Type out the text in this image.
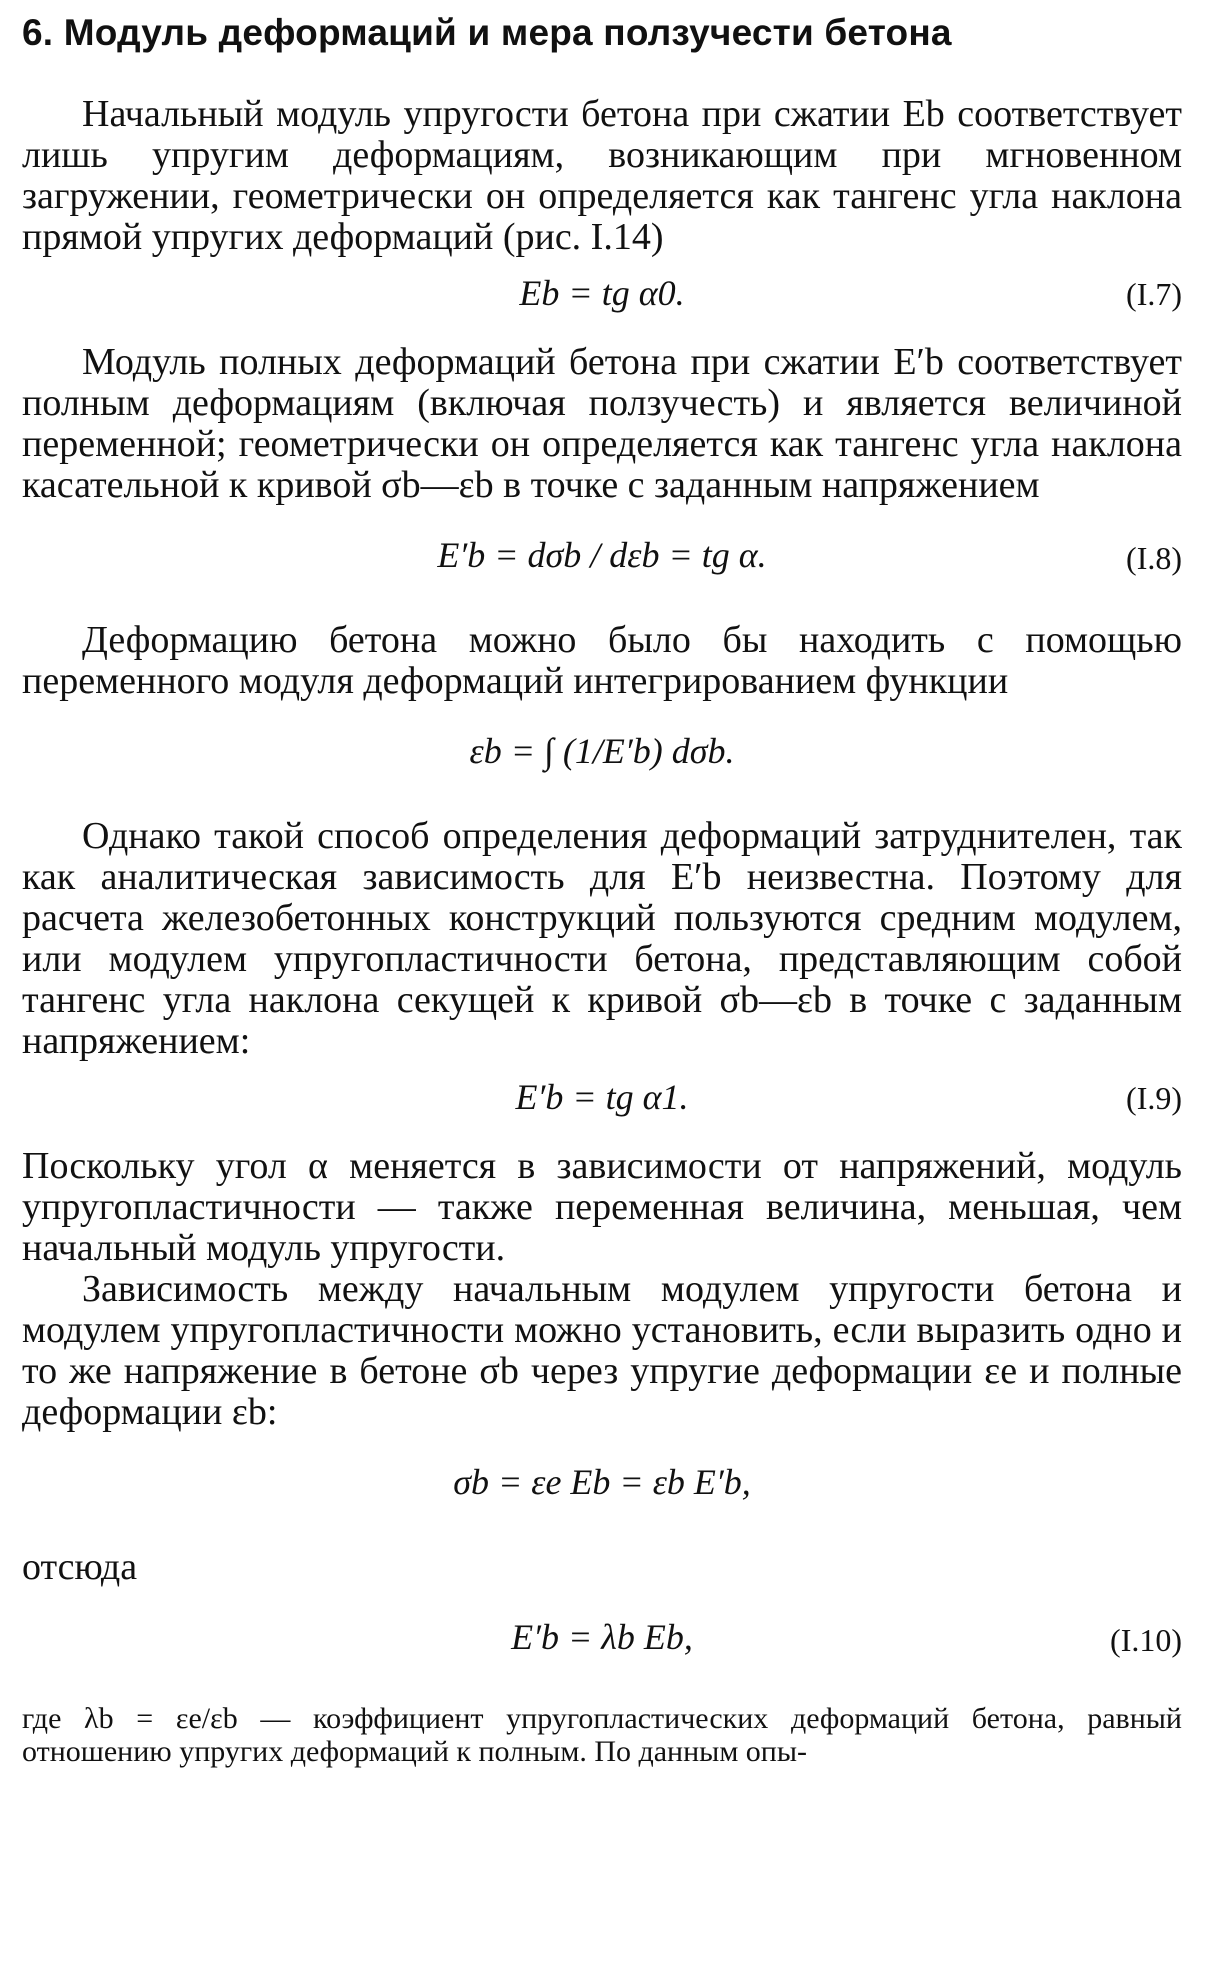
6. Модуль деформаций и мера ползучести бетона

Начальный модуль упругости бетона при сжатии Eb соответствует лишь упругим деформациям, возникающим при мгновенном загружении, геометрически он определяется как тангенс угла наклона прямой упругих деформаций (рис. I.14)

Eb = tg α0.	(I.7)

Модуль полных деформаций бетона при сжатии E′b соответствует полным деформациям (включая ползучесть) и является величиной переменной; геометрически он определяется как тангенс угла наклона касательной к кривой σb—εb в точке с заданным напряжением

E′b = dσb / dεb = tg α.	(I.8)

Деформацию бетона можно было бы находить с помощью переменного модуля деформаций интегрированием функции

εb = ∫ (1/E′b) dσb.

Однако такой способ определения деформаций затруднителен, так как аналитическая зависимость для E′b неизвестна. Поэтому для расчета железобетонных конструкций пользуются средним модулем, или модулем упругопластичности бетона, представляющим собой тангенс угла наклона секущей к кривой σb—εb в точке с заданным напряжением:

E′b = tg α1.	(I.9)

Поскольку угол α меняется в зависимости от напряжений, модуль упругопластичности — также переменная величина, меньшая, чем начальный модуль упругости.

Зависимость между начальным модулем упругости бетона и модулем упругопластичности можно установить, если выразить одно и то же напряжение в бетоне σb через упругие деформации εe и полные деформации εb:

σb = εe Eb = εb E′b,

отсюда

E′b = λb Eb,	(I.10)

где λb = εe/εb — коэффициент упругопластических деформаций бетона, равный отношению упругих деформаций к полным. По данным опы-
